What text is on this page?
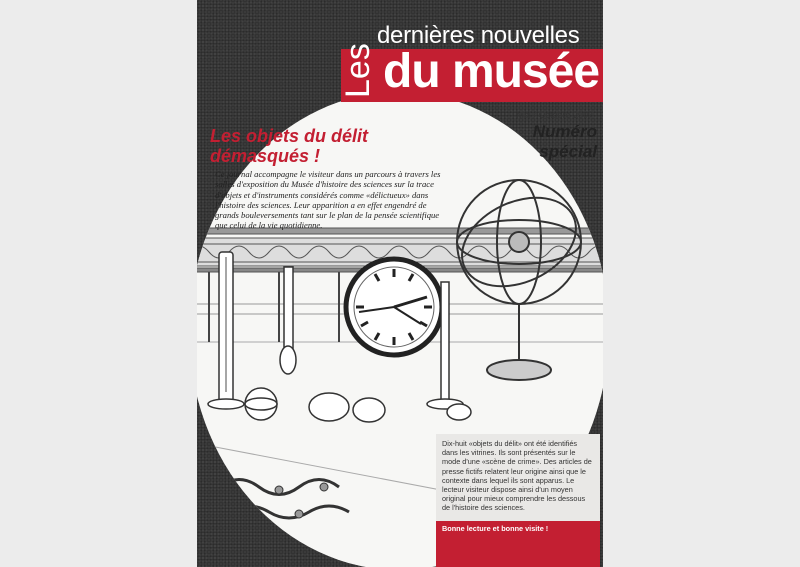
dernières nouvelles
Les du musée
Mai / Octobre 2007
Numéro
spécial
Les objets du délit
démasqués !
Ce journal accompagne le visiteur dans un parcours à travers les salles d'exposition du Musée d'histoire des sciences sur la trace d'objets et d'instruments considérés comme «délictueux» dans l'histoire des sciences. Leur apparition a en effet engendré de grands bouleversements tant sur le plan de la pensée scientifique que celui de la vie quotidienne.
Dix-huit «objets du délit» ont été identifiés dans les vitrines. Ils sont présentés sur le mode d'une «scène de crime». Des articles de presse fictifs relatent leur origine ainsi que le contexte dans lequel ils sont apparus. Le lecteur visiteur dispose ainsi d'un moyen original pour mieux comprendre les dessous de l'histoire des sciences.
Bonne lecture et bonne visite !
